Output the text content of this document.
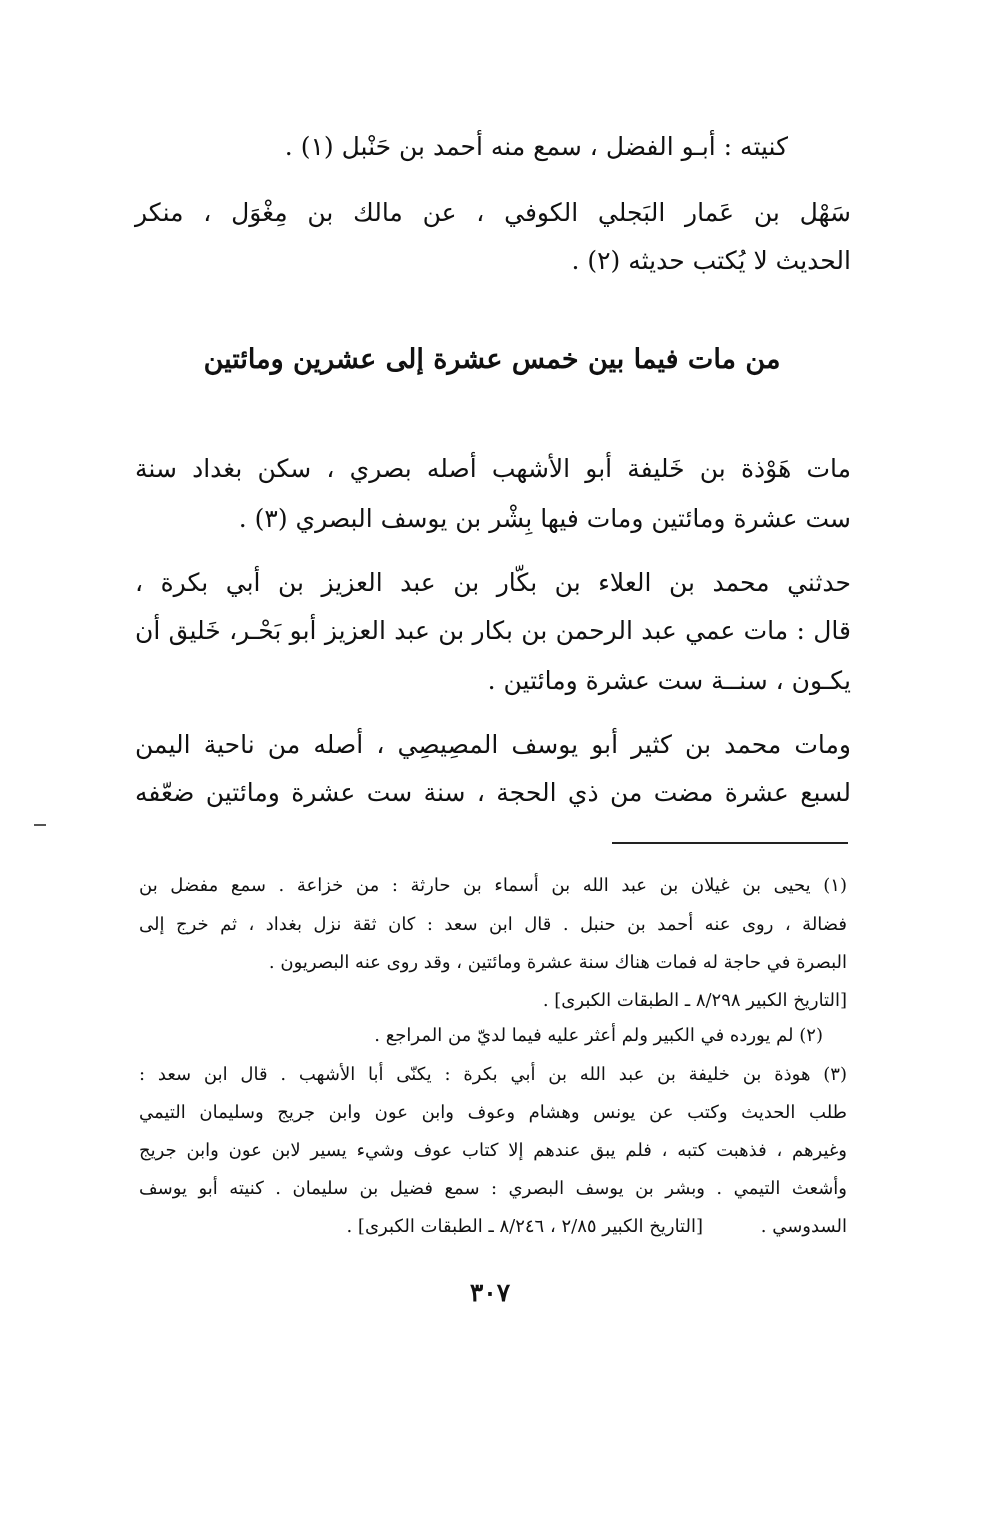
كنيته : أبـو الفضل ، سمع منه أحمد بن حَنْبل (١) .
سَهْل بن عَمار البَجلي الكوفي ، عن مالك بن مِغْوَل ، منكر
الحديث لا يُكتب حديثه (٢) .
من مات فيما بين خمس عشرة إلى عشرين ومائتين
مات هَوْذة بن خَليفة أبو الأشهب أصله بصري ، سكن بغداد سنة
ست عشرة ومائتين ومات فيها بِشْر بن يوسف البصري (٣) .
حدثني محمد بن العلاء بن بكّار بن عبد العزيز بن أبي بكرة ،
قال : مات عمي عبد الرحمن بن بكار بن عبد العزيز أبو بَحْـر، خَليق أن
يكـون ، سنــة ست عشرة ومائتين .
ومات محمد بن كثير أبو يوسف المصِيصِي ، أصله من ناحية اليمن
لسبع عشرة مضت من ذي الحجة ، سنة ست عشرة ومائتين ضعّفه
(١) يحيى بن غيلان بن عبد الله بن أسماء بن حارثة : من خزاعة . سمع مفضل بن
فضالة ، روى عنه أحمد بن حنبل . قال ابن سعد : كان ثقة نزل بغداد ، ثم خرج إلى
البصرة في حاجة له فمات هناك سنة عشرة ومائتين ، وقد روى عنه البصريون .
[التاريخ الكبير ٨/٢٩٨ ـ الطبقات الكبرى] .
(٢) لم يورده في الكبير ولم أعثر عليه فيما لديّ من المراجع .
(٣) هوذة بن خليفة بن عبد الله بن أبي بكرة : يكنّى أبا الأشهب . قال ابن سعد :
طلب الحديث وكتب عن يونس وهشام وعوف وابن عون وابن جريج وسليمان التيمي
وغيرهم ، فذهبت كتبه ، فلم يبق عندهم إلا كتاب عوف وشيء يسير لابن عون وابن جريج
وأشعث التيمي . وبشر بن يوسف البصري : سمع فضيل بن سليمان . كنيته أبو يوسف
السدوسي .
[التاريخ الكبير ٢/٨٥ ، ٨/٢٤٦ ـ الطبقات الكبرى] .
٣٠٧
